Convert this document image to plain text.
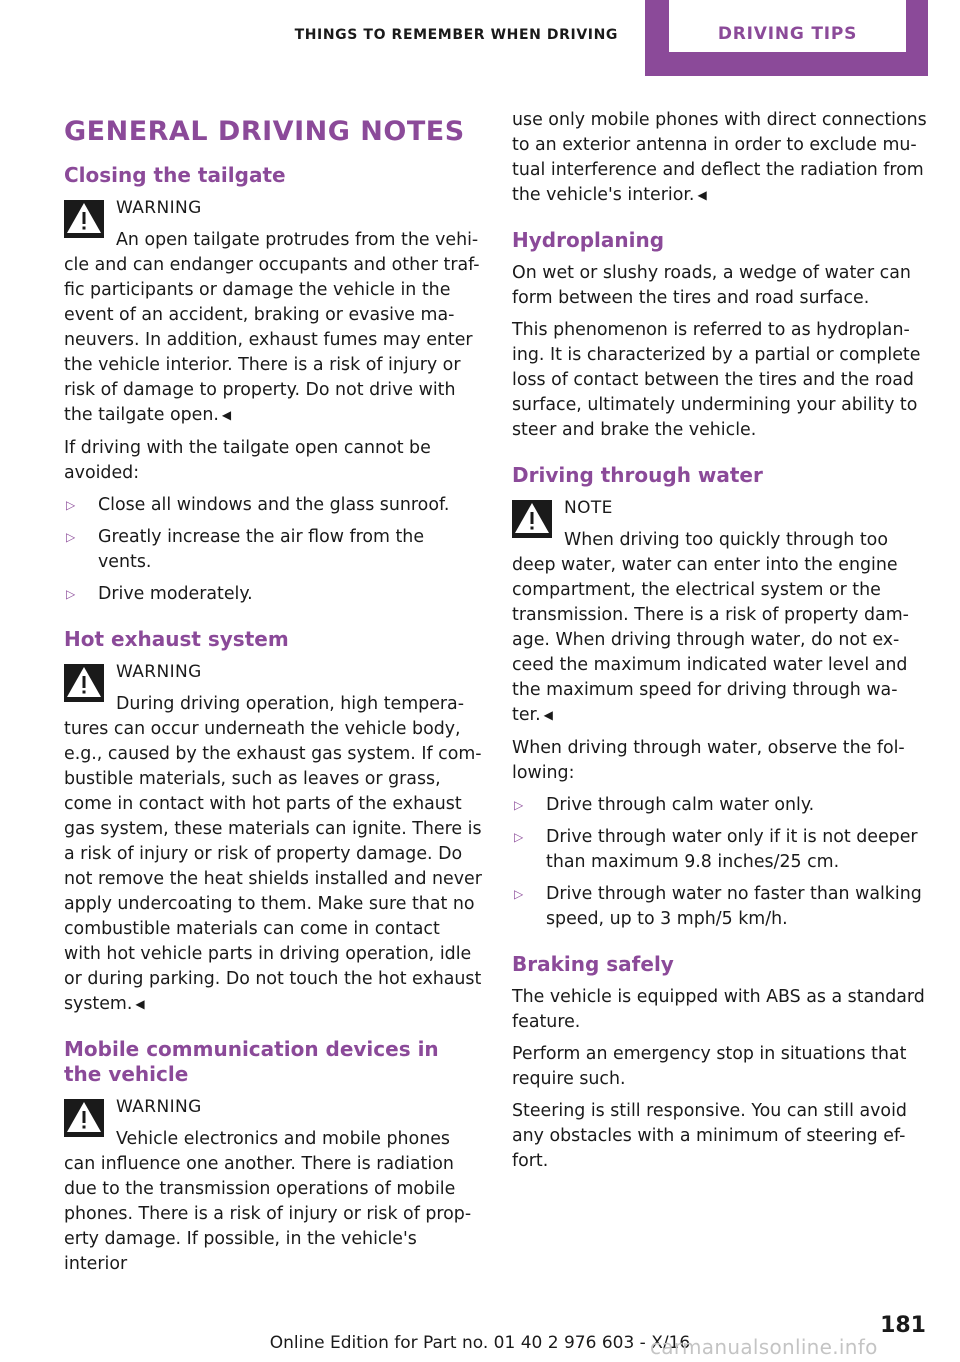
THINGS TO REMEMBER WHEN DRIVING	DRIVING TIPS
GENERAL DRIVING NOTES
Closing the tailgate
WARNING

An open tailgate protrudes from the vehi-cle and can endanger occupants and other traf-fic participants or damage the vehicle in the event of an accident, braking or evasive ma-neuvers. In addition, exhaust fumes may enter the vehicle interior. There is a risk of injury or risk of damage to property. Do not drive with the tailgate open. ◀

If driving with the tailgate open cannot be avoided:

▷ Close all windows and the glass sunroof.
▷ Greatly increase the air flow from the vents.
▷ Drive moderately.
Hot exhaust system
WARNING

During driving operation, high tempera-tures can occur underneath the vehicle body, e.g., caused by the exhaust gas system. If com-bustible materials, such as leaves or grass, come in contact with hot parts of the exhaust gas system, these materials can ignite. There is a risk of injury or risk of property damage. Do not remove the heat shields installed and never apply undercoating to them. Make sure that no combustible materials can come in contact with hot vehicle parts in driving operation, idle or during parking. Do not touch the hot exhaust system. ◀

Mobile communication devices in the vehicle
WARNING

Vehicle electronics and mobile phones can influence one another. There is radiation due to the transmission operations of mobile phones. There is a risk of injury or risk of prop-erty damage. If possible, in the vehicle's interior

use only mobile phones with direct connections to an exterior antenna in order to exclude mu-tual interference and deflect the radiation from the vehicle's interior. ◀

Hydroplaning

On wet or slushy roads, a wedge of water can form between the tires and road surface.

This phenomenon is referred to as hydroplan-ing. It is characterized by a partial or complete loss of contact between the tires and the road surface, ultimately undermining your ability to steer and brake the vehicle.

Driving through water
NOTE

When driving too quickly through too deep water, water can enter into the engine compartment, the electrical system or the transmission. There is a risk of property dam-age. When driving through water, do not ex-ceed the maximum indicated water level and the maximum speed for driving through wa-ter. ◀

When driving through water, observe the fol-lowing:

▷ Drive through calm water only.
▷ Drive through water only if it is not deeper than maximum 9.8 inches/25 cm.
▷ Drive through water no faster than walking speed, up to 3 mph/5 km/h.
Braking safely

The vehicle is equipped with ABS as a standard feature.

Perform an emergency stop in situations that require such.

Steering is still responsive. You can still avoid any obstacles with a minimum of steering ef-fort.

Online Edition for Part no. 01 40 2 976 603 - X/16
181
carmanualsonline.info
